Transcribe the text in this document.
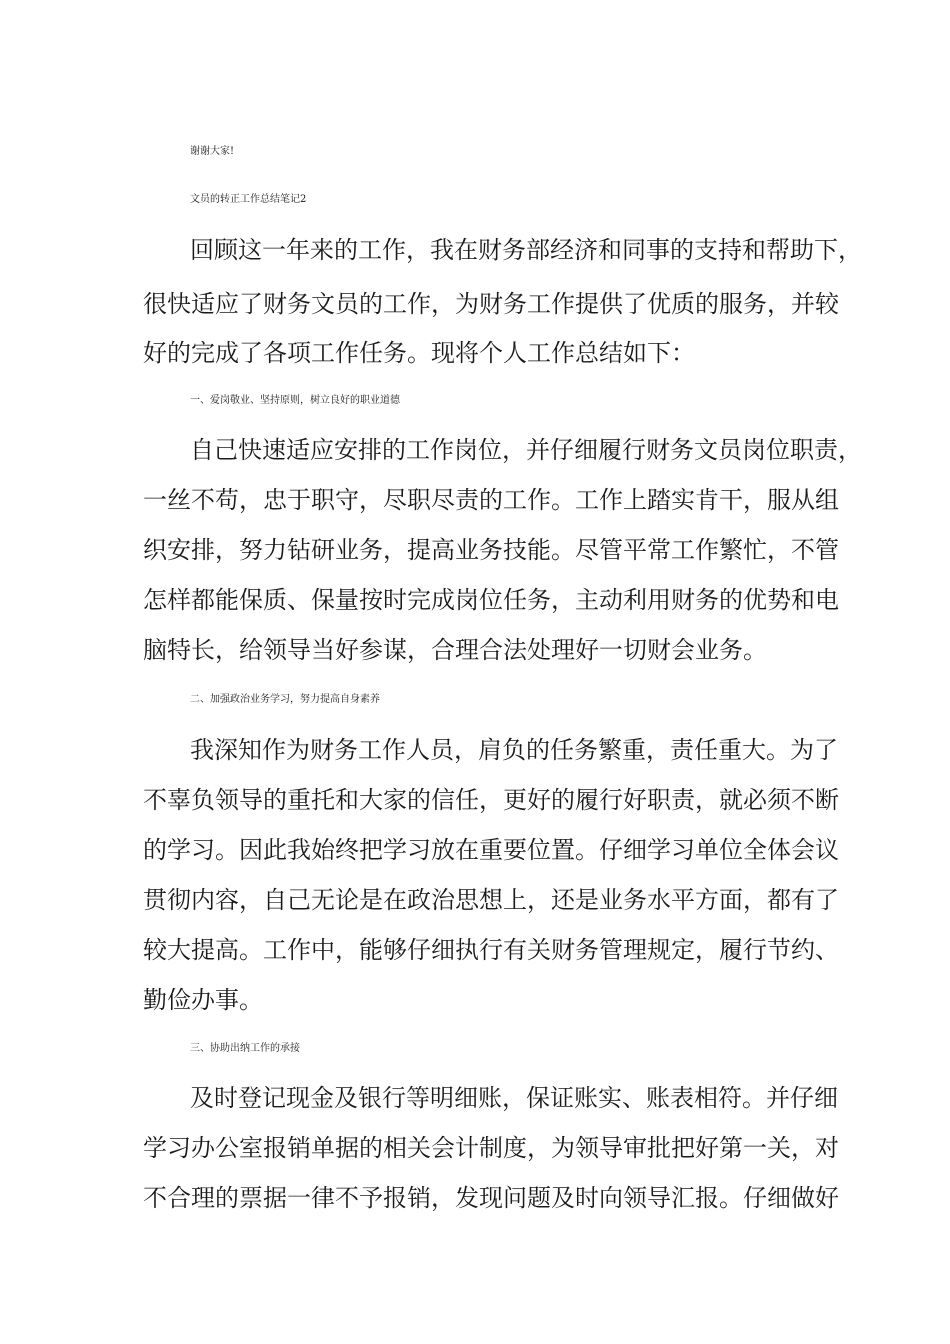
谢谢大家!
文员的转正工作总结笔记2
回顾这一年来的工作，我在财务部经济和同事的支持和帮助下，
很快适应了财务文员的工作，为财务工作提供了优质的服务，并较
好的完成了各项工作任务。现将个人工作总结如下：
一、爱岗敬业、坚持原则，树立良好的职业道德
自己快速适应安排的工作岗位，并仔细履行财务文员岗位职责，
一丝不苟，忠于职守，尽职尽责的工作。工作上踏实肯干，服从组
织安排，努力钻研业务，提高业务技能。尽管平常工作繁忙，不管
怎样都能保质、保量按时完成岗位任务，主动利用财务的优势和电
脑特长，给领导当好参谋，合理合法处理好一切财会业务。
二、加强政治业务学习，努力提高自身素养
我深知作为财务工作人员，肩负的任务繁重，责任重大。为了
不辜负领导的重托和大家的信任，更好的履行好职责，就必须不断
的学习。因此我始终把学习放在重要位置。仔细学习单位全体会议
贯彻内容，自己无论是在政治思想上，还是业务水平方面，都有了
较大提高。工作中，能够仔细执行有关财务管理规定，履行节约、
勤俭办事。
三、协助出纳工作的承接
及时登记现金及银行等明细账，保证账实、账表相符。并仔细
学习办公室报销单据的相关会计制度，为领导审批把好第一关，对
不合理的票据一律不予报销，发现问题及时向领导汇报。仔细做好
